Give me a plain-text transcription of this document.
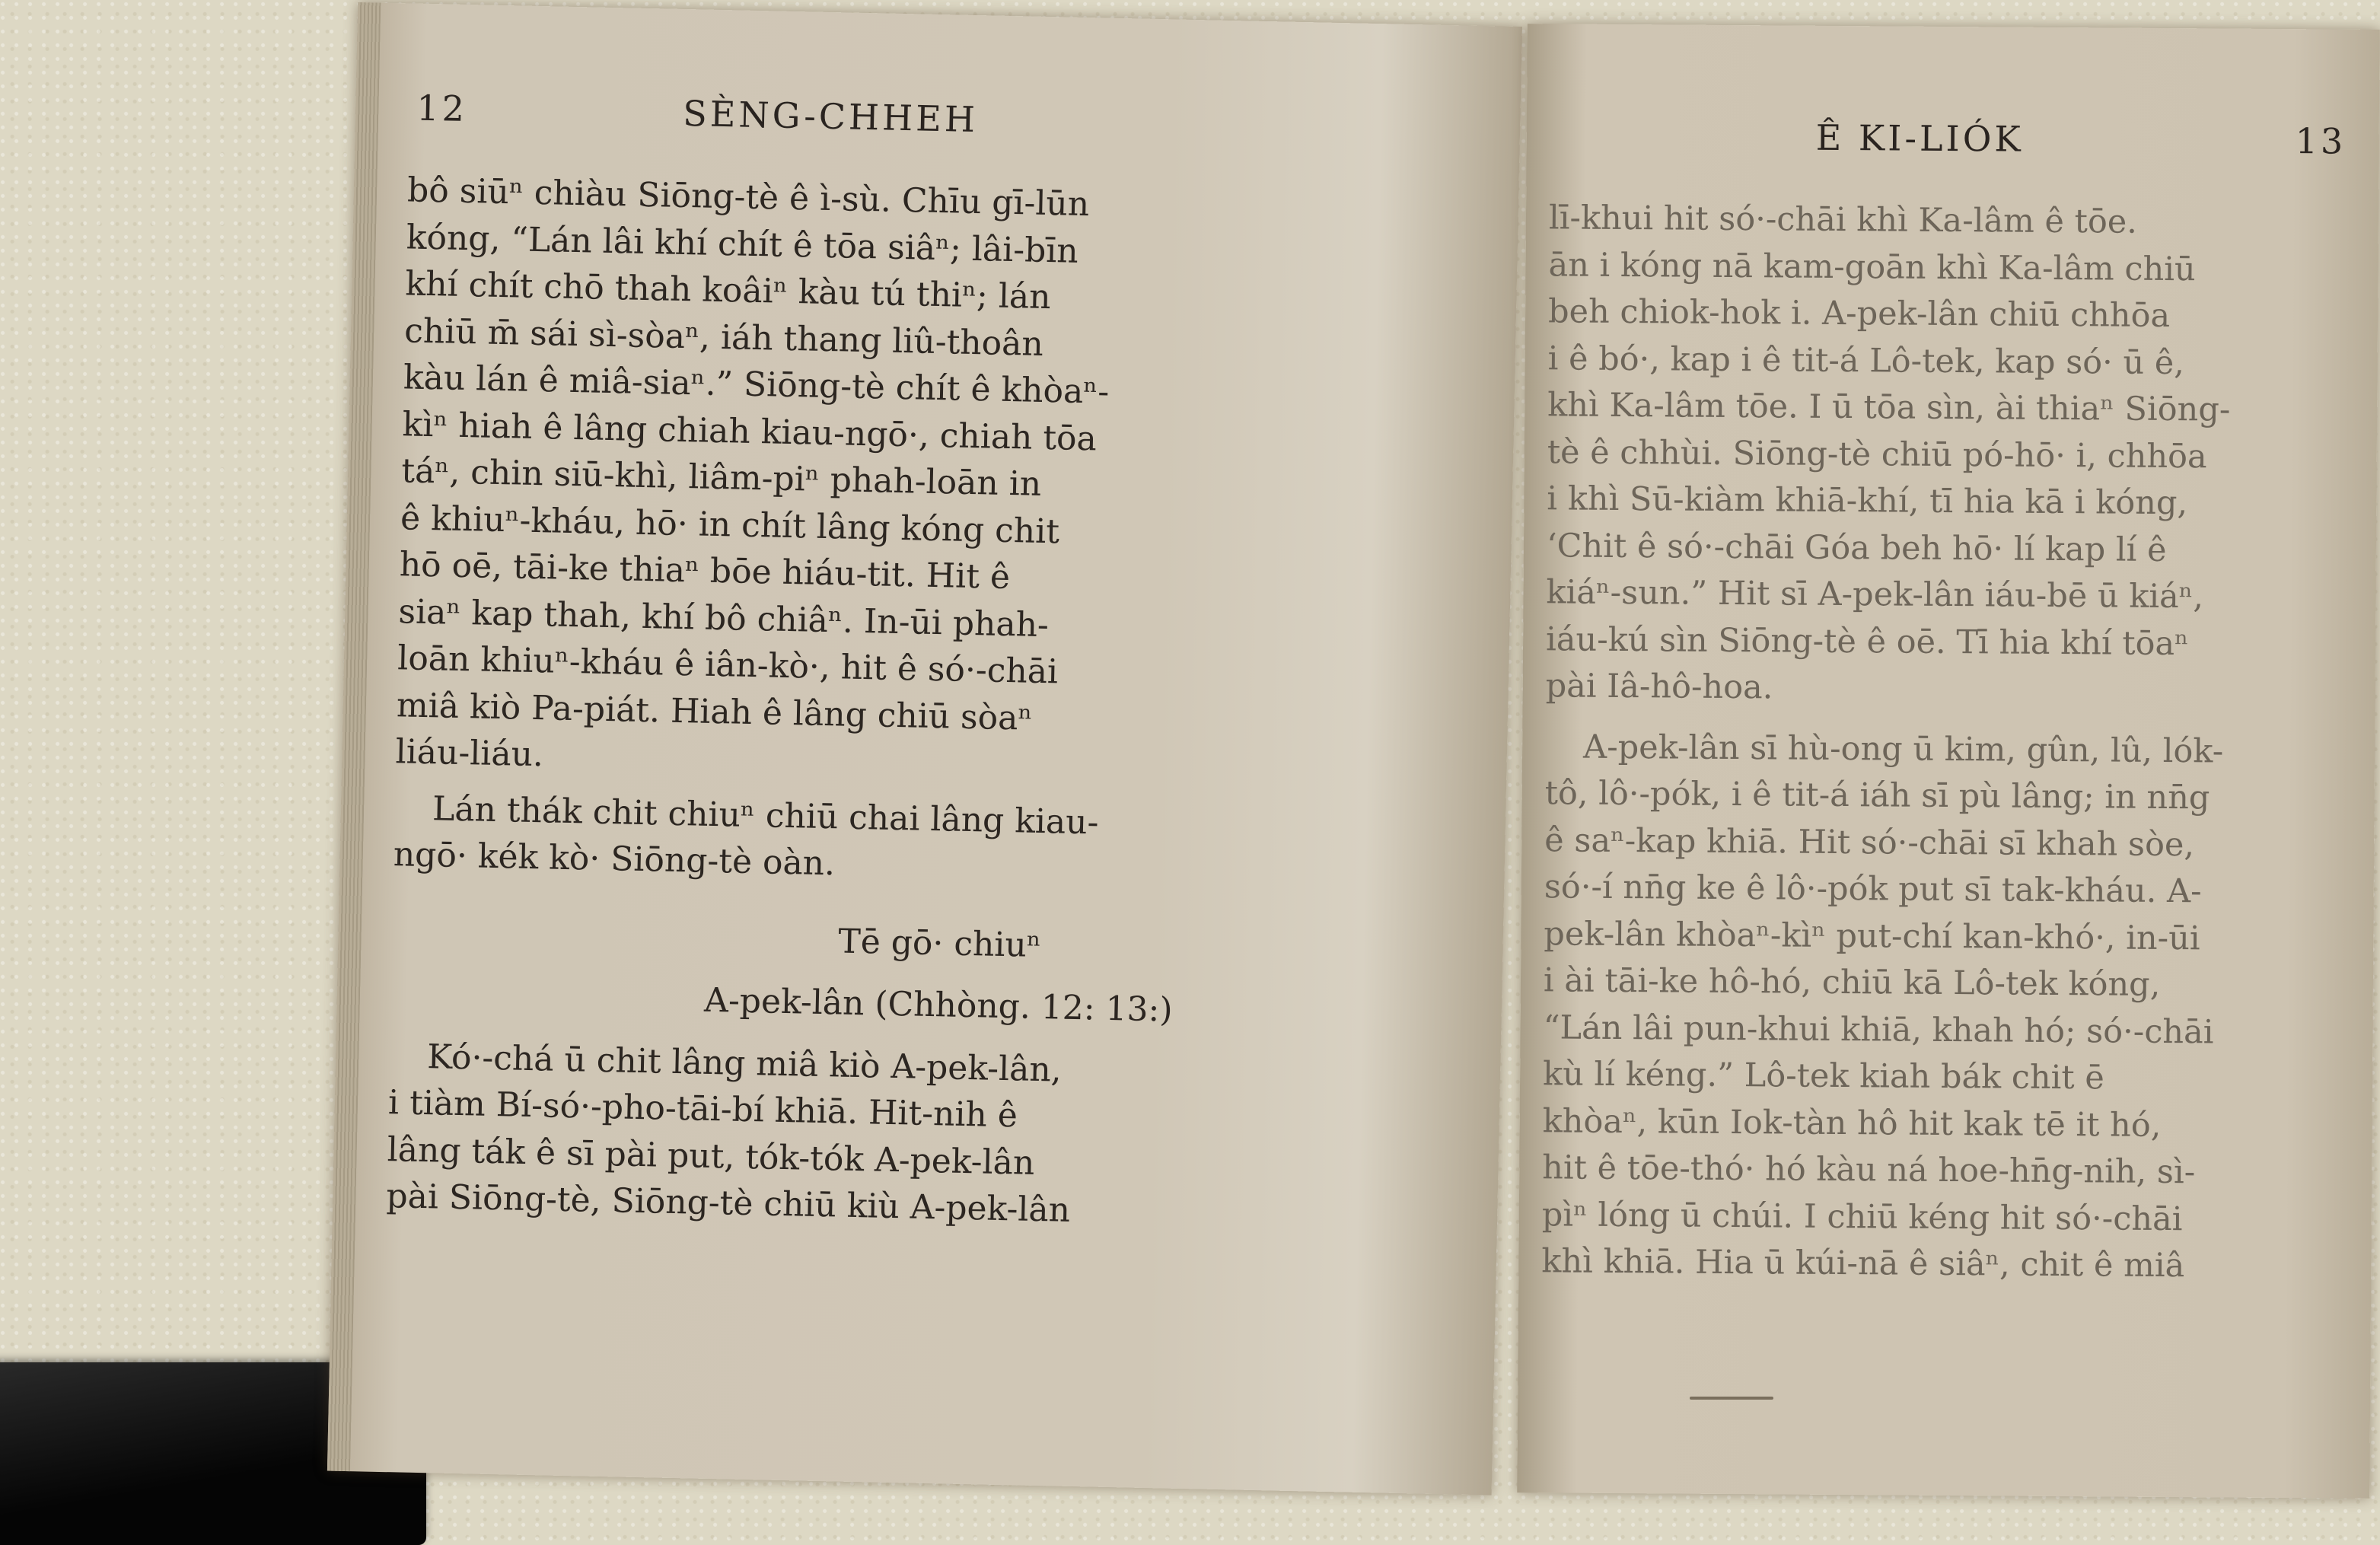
12	SÈNG-CHHEH
bô siūⁿ chiàu Siōng-tè ê ì-sù. Chīu gī-lūn
kóng, “Lán lâi khí chít ê tōa siâⁿ; lâi-bīn
khí chít chō thah koâiⁿ kàu tú thiⁿ; lán
chiū m̄ sái sì-sòaⁿ, iáh thang liû-thoân
kàu lán ê miâ-siaⁿ.” Siōng-tè chít ê khòaⁿ-
kìⁿ hiah ê lâng chiah kiau-ngō·, chiah tōa
táⁿ, chin siū-khì, liâm-piⁿ phah-loān in
ê khiuⁿ-kháu, hō· in chít lâng kóng chit
hō oē, tāi-ke thiaⁿ bōe hiáu-tit. Hit ê
siaⁿ kap thah, khí bô chiâⁿ. In-ūi phah-
loān khiuⁿ-kháu ê iân-kò·, hit ê só·-chāi
miâ kiò Pa-piát. Hiah ê lâng chiū sòaⁿ
liáu-liáu.
Lán thák chit chiuⁿ chiū chai lâng kiau-
ngō· kék kò· Siōng-tè oàn.
Tē gō· chiuⁿ
A-pek-lân (Chhòng. 12: 13:)
Kó·-chá ū chit lâng miâ kiò A-pek-lân,
i tiàm Bí-só·-pho-tāi-bí khiā. Hit-nih ê
lâng ták ê sī pài put, tók-tók A-pek-lân
pài Siōng-tè, Siōng-tè chiū kiù A-pek-lân
Ê KI-LIÓK	13
lī-khui hit só·-chāi khì Ka-lâm ê tōe.
ān i kóng nā kam-goān khì Ka-lâm chiū
beh chiok-hok i. A-pek-lân chiū chhōa
i ê bó·, kap i ê tit-á Lô-tek, kap só· ū ê,
khì Ka-lâm tōe. I ū tōa sìn, ài thiaⁿ Siōng-
tè ê chhùi. Siōng-tè chiū pó-hō· i, chhōa
i khì Sū-kiàm khiā-khí, tī hia kā i kóng,
‘Chit ê só·-chāi Góa beh hō· lí kap lí ê
kiáⁿ-sun.” Hit sī A-pek-lân iáu-bē ū kiáⁿ,
iáu-kú sìn Siōng-tè ê oē. Tī hia khí tōaⁿ
pài Iâ-hô-hoa.
A-pek-lân sī hù-ong ū kim, gûn, lû, lók-
tô, lô·-pók, i ê tit-á iáh sī pù lâng; in nn̄g
ê saⁿ-kap khiā. Hit só·-chāi sī khah sòe,
só·-í nn̄g ke ê lô·-pók put sī tak-kháu. A-
pek-lân khòaⁿ-kìⁿ put-chí kan-khó·, in-ūi
i ài tāi-ke hô-hó, chiū kā Lô-tek kóng,
“Lán lâi pun-khui khiā, khah hó; só·-chāi
kù lí kéng.” Lô-tek kiah bák chit ē
khòaⁿ, kūn Iok-tàn hô hit kak tē it hó,
hit ê tōe-thó· hó kàu ná hoe-hn̄g-nih, sì-
pìⁿ lóng ū chúi. I chiū kéng hit só·-chāi
khì khiā. Hia ū kúi-nā ê siâⁿ, chit ê miâ
